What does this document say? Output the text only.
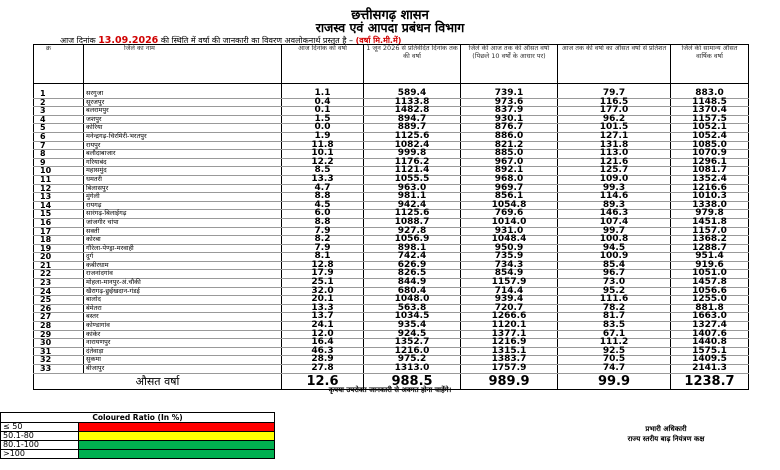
छत्तीसगढ़ शासन
राजस्व एवं आपदा प्रबंधन विभाग
आज दिनांक 13.09.2026 की स्थिति में वर्षा की जानकारी का विवरण अवलोकनार्थ प्रस्तुत है – (वर्षा मि.मी.में)
क्र	जिले का नाम	आज दिनांक को वर्षा	1 जून 2026 से प्रतिवेदित दिनांक तक की वर्षा	जिले की आज तक की औसत वर्षा (पिछले 10 वर्षों के आधार पर)	आज तक की वर्षा का औसत वर्षा से प्रतिशत	जिले की सामान्य औसत वार्षिक वर्षा

1	सरगुजा	1.1	589.4	739.1	79.7	883.0
2	सूरजपुर	0.4	1133.8	973.6	116.5	1148.5
3	बलरामपुर	0.1	1482.8	837.9	177.0	1370.4
4	जशपुर	1.5	894.7	930.1	96.2	1157.5
5	कोरिया	0.0	889.7	876.7	101.5	1052.1
6	मनेन्द्रगढ़-चिरमिरी-भरतपुर	1.9	1125.6	886.0	127.1	1052.4
7	रायपुर	11.8	1082.4	821.2	131.8	1085.0
8	बलौदाबाजार	10.1	999.8	885.0	113.0	1070.9
9	गरियाबंद	12.2	1176.2	967.0	121.6	1296.1
10	महासमुंद	8.5	1121.4	892.1	125.7	1081.7
11	धमतरी	13.3	1055.5	968.0	109.0	1352.4
12	बिलासपुर	4.7	963.0	969.7	99.3	1216.6
13	मुंगेली	8.8	981.1	856.1	114.6	1010.3
14	रायगढ़	4.5	942.4	1054.8	89.3	1338.0
15	सारंगढ़-बिलाईगढ़	6.0	1125.6	769.6	146.3	979.8
16	जांजगीर चांपा	8.8	1088.7	1014.0	107.4	1451.8
17	सक्ती	7.9	927.8	931.0	99.7	1157.0
18	कोरबा	8.2	1056.9	1048.4	100.8	1368.2
19	गौरेला-पेण्ड्रा-मरवाही	7.9	898.1	950.9	94.5	1288.7
20	दुर्ग	8.1	742.4	735.9	100.9	951.4
21	कबीरधाम	12.8	626.9	734.3	85.4	919.6
22	राजनांदगांव	17.9	826.5	854.9	96.7	1051.0
23	मोहला-मानपुर-अं.चौकी	25.1	844.9	1157.9	73.0	1457.8
24	खैरागढ़-छुईखदान-गंडई	32.0	680.4	714.4	95.2	1056.6
25	बालोद	20.1	1048.0	939.4	111.6	1255.0
26	बेमेतरा	13.3	563.8	720.7	78.2	881.8
27	बस्तर	13.7	1034.5	1266.6	81.7	1663.0
28	कोण्डागांव	24.1	935.4	1120.1	83.5	1327.4
29	कांकेर	12.0	924.5	1377.1	67.1	1407.6
30	नारायणपुर	16.4	1352.7	1216.9	111.2	1440.8
31	दंतेवाड़ा	46.3	1216.0	1315.1	92.5	1575.1
32	सुकमा	28.9	975.2	1383.7	70.5	1409.5
33	बीजापुर	27.8	1313.0	1757.9	74.7	2141.3
औसत वर्षा		12.6	988.5	989.9	99.9	1238.7
कृपया उपरोक्त जानकारी से अवगत होना चाहेंगे।
Coloured Ratio (In %)	
≤ 50	
50.1-80	
80.1-100	
>100	
प्रभारी अधिकारी
राज्य स्तरीय बाढ़ नियंत्रण कक्ष
